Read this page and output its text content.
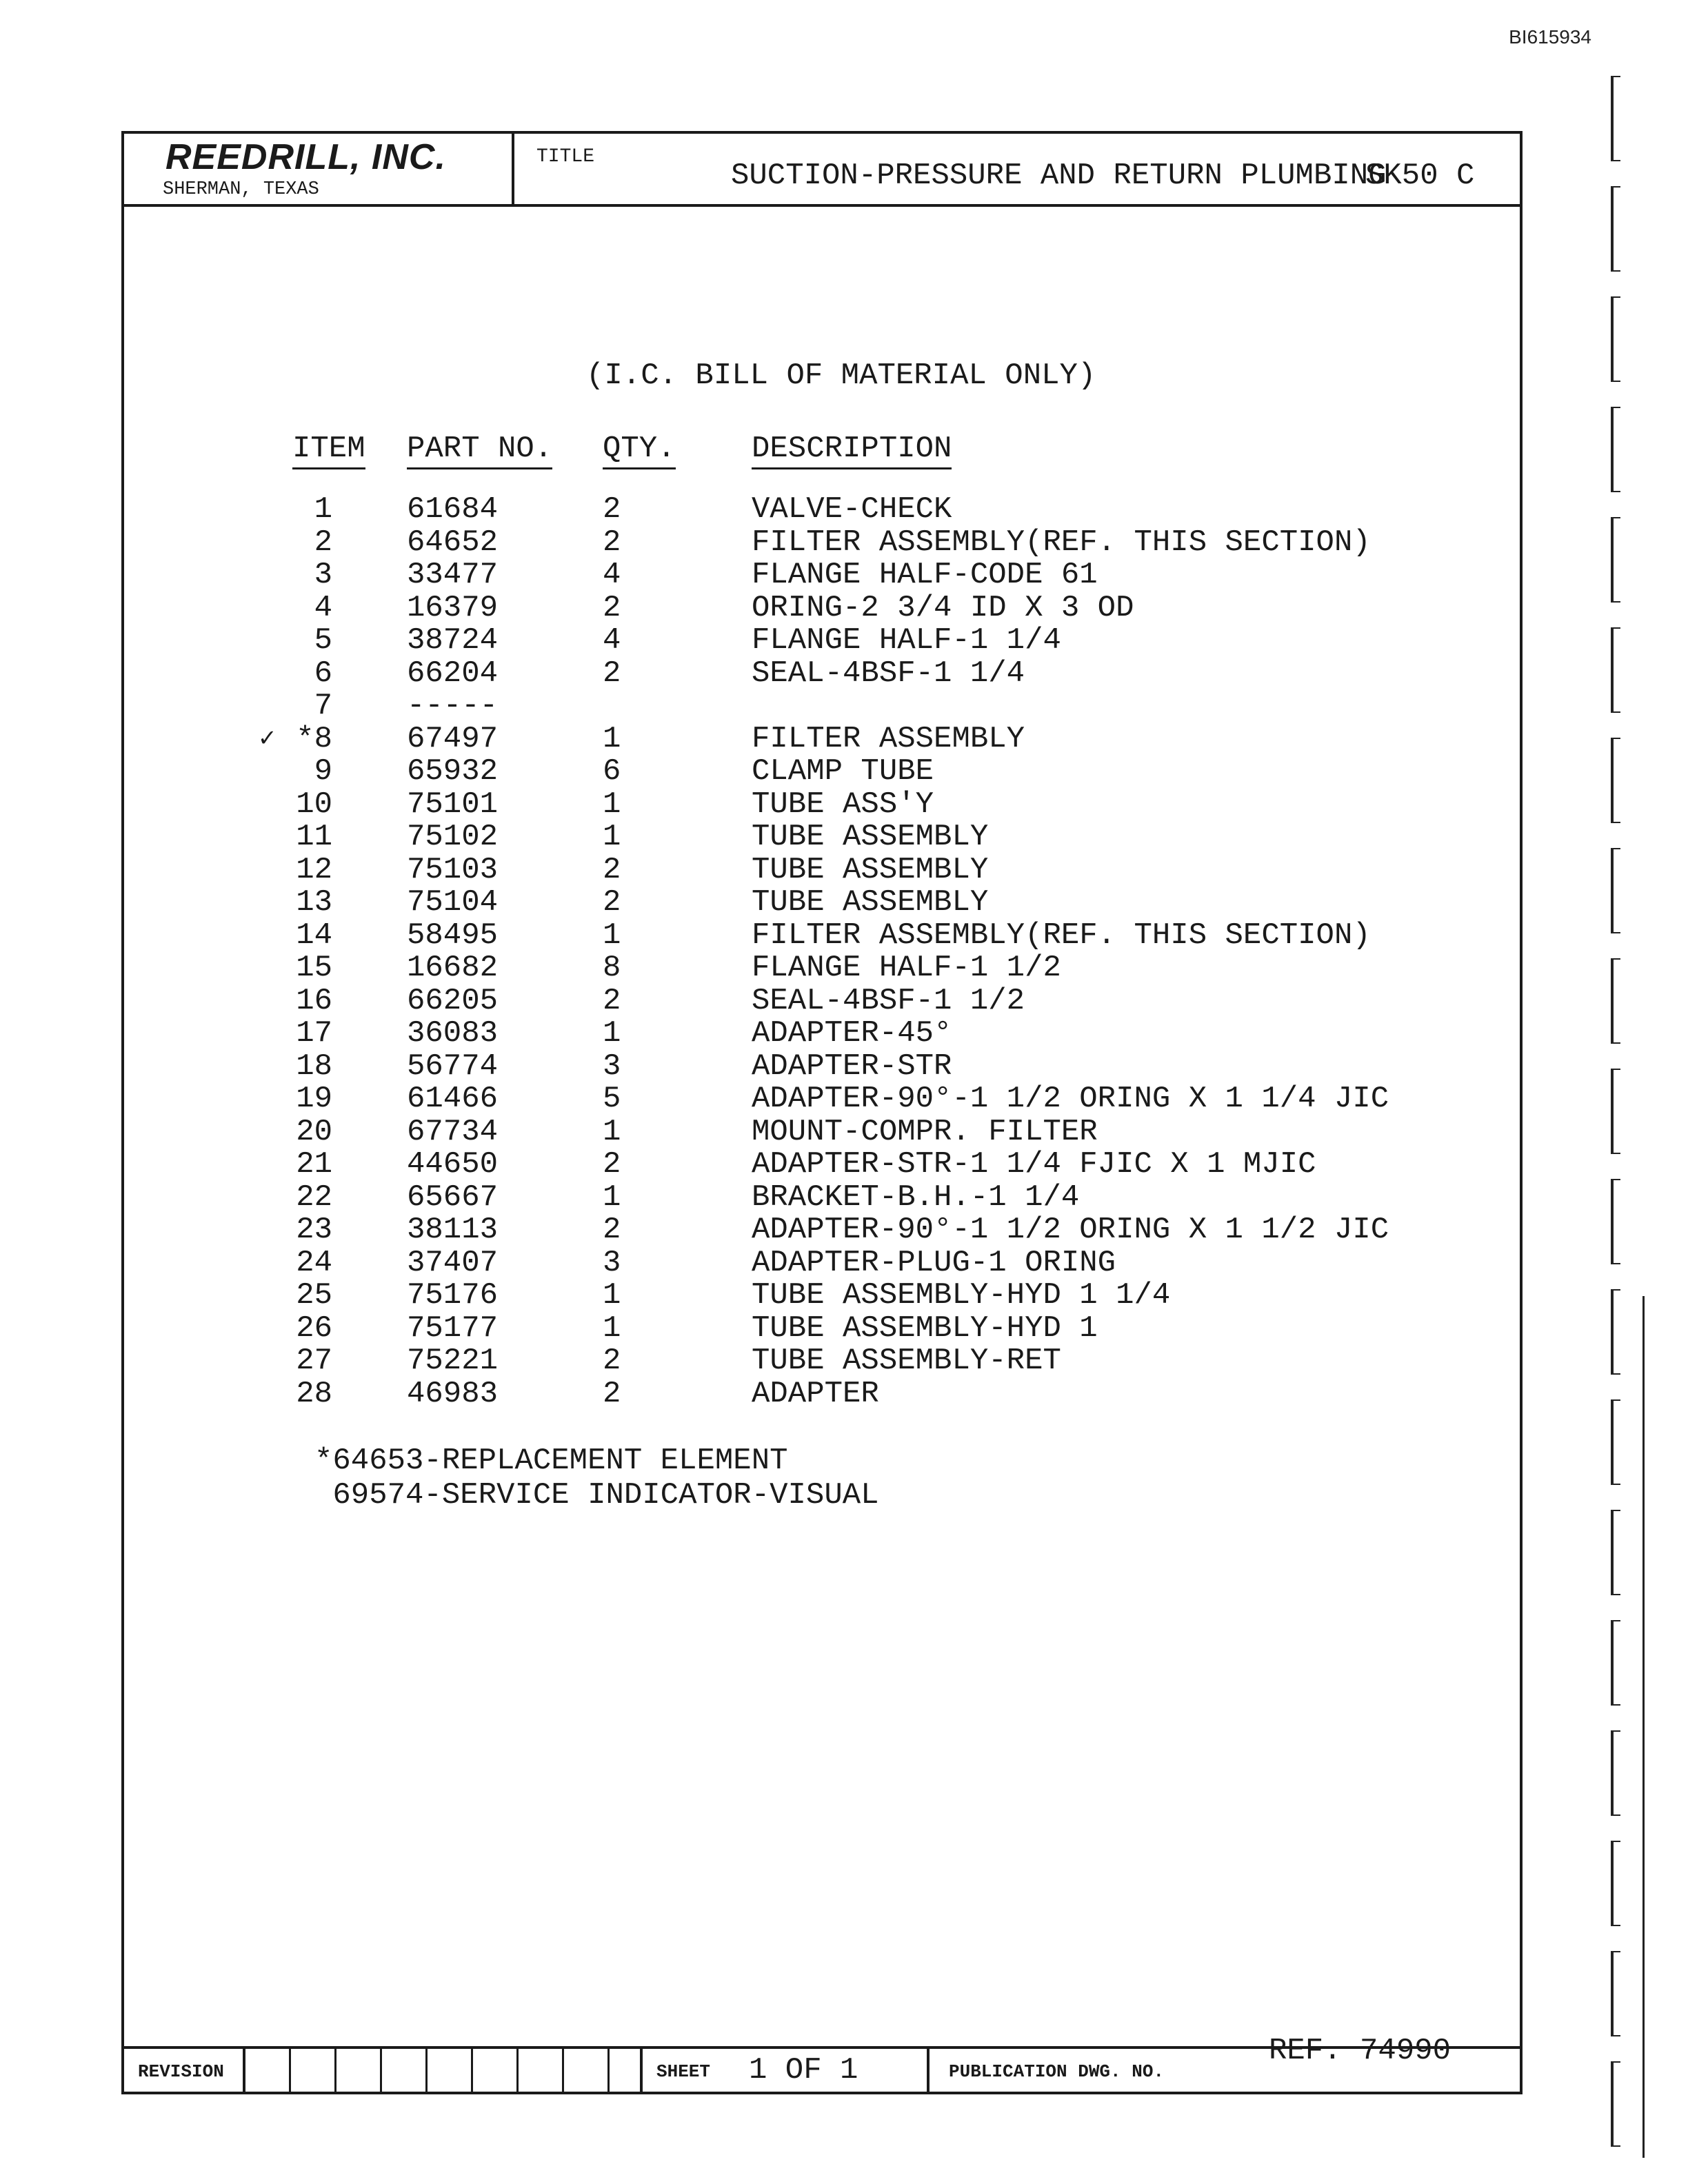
BI615934
REEDRILL, INC.
SHERMAN, TEXAS
TITLE
SUCTION-PRESSURE AND RETURN PLUMBING
SK50 C
(I.C. BILL OF MATERIAL ONLY)
ITEM PART NO. QTY.	DESCRIPTION
1 61684	2	VALVE-CHECK
2 64652	2	FILTER ASSEMBLY(REF. THIS SECTION)
3 33477	4	FLANGE HALF-CODE 61
4 16379	2	ORING-2 3/4 ID X 3 OD
5 38724	4	FLANGE HALF-1 1/4
6 66204	2	SEAL-4BSF-1 1/4
7 -----
✓ *8 67497	1	FILTER ASSEMBLY
9 65932	6	CLAMP TUBE
10 75101	1	TUBE ASS'Y
11 75102	1	TUBE ASSEMBLY
12 75103	2	TUBE ASSEMBLY
13 75104	2	TUBE ASSEMBLY
14 58495	1	FILTER ASSEMBLY(REF. THIS SECTION)
15 16682	8	FLANGE HALF-1 1/2
16 66205	2	SEAL-4BSF-1 1/2
17 36083	1	ADAPTER-45°
18 56774	3	ADAPTER-STR
19 61466	5	ADAPTER-90°-1 1/2 ORING X 1 1/4 JIC
20 67734	1	MOUNT-COMPR. FILTER
21 44650	2	ADAPTER-STR-1 1/4 FJIC X 1 MJIC
22 65667	1	BRACKET-B.H.-1 1/4
23 38113	2	ADAPTER-90°-1 1/2 ORING X 1 1/2 JIC
24 37407	3	ADAPTER-PLUG-1 ORING
25 75176	1	TUBE ASSEMBLY-HYD 1 1/4
26 75177	1	TUBE ASSEMBLY-HYD 1
27 75221	2	TUBE ASSEMBLY-RET
28 46983	2	ADAPTER
*64653-REPLACEMENT ELEMENT
69574-SERVICE INDICATOR-VISUAL
REF. 74990
REVISION	SHEET 1 OF 1	PUBLICATION DWG. NO.
